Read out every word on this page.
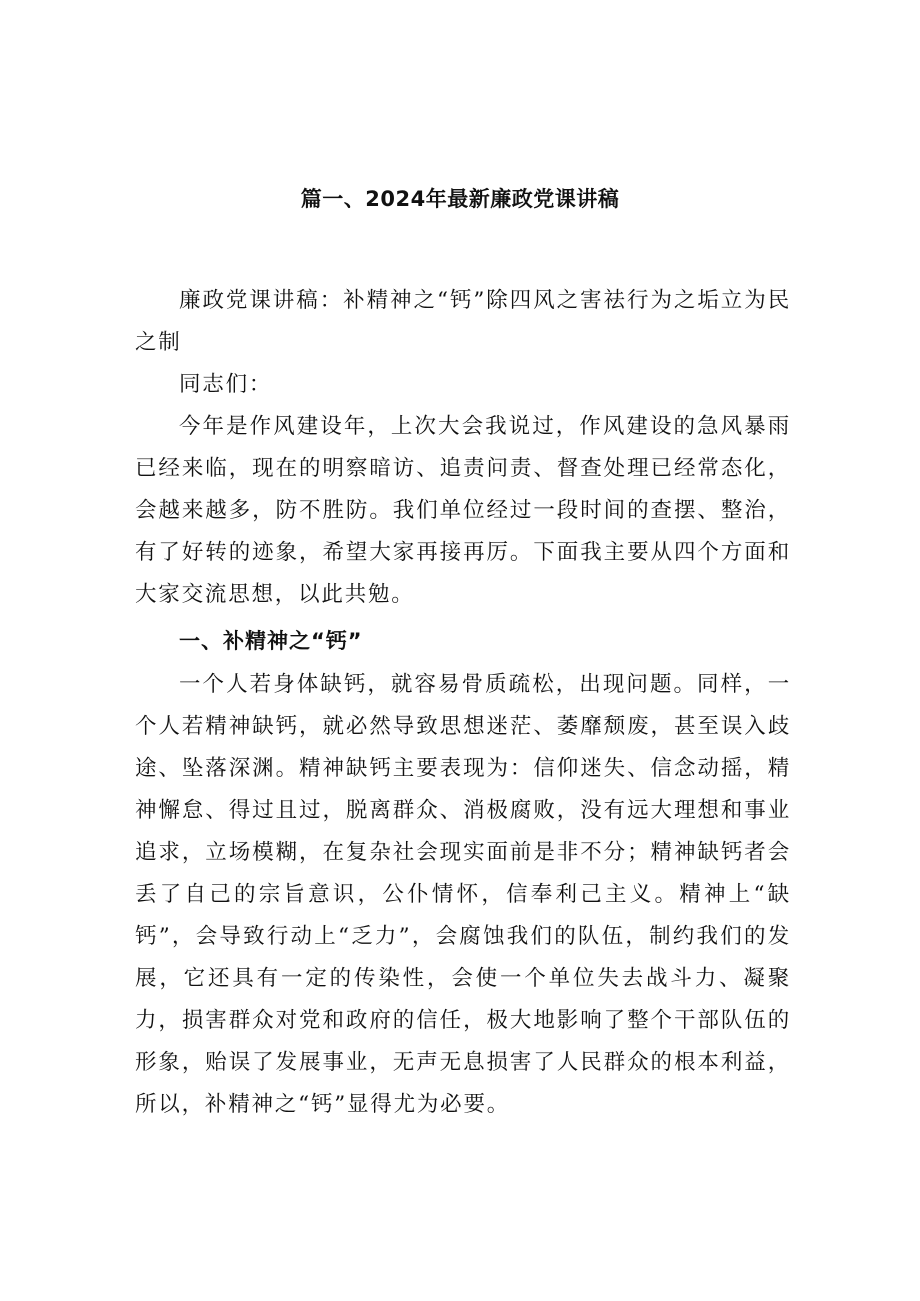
篇一、2024年最新廉政党课讲稿

廉政党课讲稿：补精神之“钙”除四风之害祛行为之垢立为民之制

同志们：

今年是作风建设年，上次大会我说过，作风建设的急风暴雨已经来临，现在的明察暗访、追责问责、督查处理已经常态化，会越来越多，防不胜防。我们单位经过一段时间的查摆、整治，有了好转的迹象，希望大家再接再厉。下面我主要从四个方面和大家交流思想，以此共勉。

一、补精神之“钙”

一个人若身体缺钙，就容易骨质疏松，出现问题。同样，一个人若精神缺钙，就必然导致思想迷茫、萎靡颓废，甚至误入歧途、坠落深渊。精神缺钙主要表现为：信仰迷失、信念动摇，精神懈怠、得过且过，脱离群众、消极腐败，没有远大理想和事业追求，立场模糊，在复杂社会现实面前是非不分；精神缺钙者会丢了自己的宗旨意识，公仆情怀，信奉利己主义。精神上“缺钙”，会导致行动上“乏力”，会腐蚀我们的队伍，制约我们的发展，它还具有一定的传染性，会使一个单位失去战斗力、凝聚力，损害群众对党和政府的信任，极大地影响了整个干部队伍的形象，贻误了发展事业，无声无息损害了人民群众的根本利益，所以，补精神之“钙”显得尤为必要。
